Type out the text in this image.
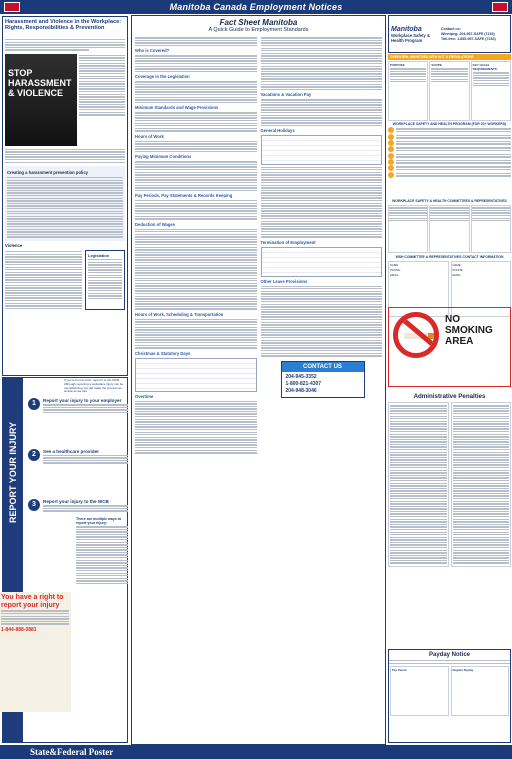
Manitoba Canada Employment Notices
Harassment and Violence in the Workplace: Rights, Responsibilities & Prevention
STOP HARASSMENT & VIOLENCE
Creating a harassment prevention policy
Violence
Legislation
REPORT YOUR INJURY
You have a right to report your injury
1-844-888-0881
If you're hurt at work, report it to the WCB. Although reporting a workplace injury can be overwhelming, we will make the process as simple as we can.
1	Report your injury to your employer
2	See a healthcare provider
3	Report your injury to the WCB
There are multiple ways to report your injury:
Fact Sheet Manitoba
A Quick Guide to Employment Standards
Who is Covered?
Coverage in the Legislation
Minimum Standards and Wage Provisions
Hours of Work
Paying Minimum Conditions
Pay Periods, Pay Statements & Records Keeping
Deduction of Wages
Hours of Work, Scheduling & Transportation
Christmas & Statutory Days
Overtime
Vacations & Vacation Pay
General Holidays
Termination of Employment
Other Leave Provisions
CONTACT US
204-945-3352
1-800-821-4307
204-948-3046
Manitoba
Workplace Safety & Health Program
Contact us:
Winnipeg: 204-957-SAFE (7233)
Toll-free: 1-855-957-SAFE (7233)
OVERVIEW: MANITOBA WSH ACT & REGULATIONS
PURPOSE	SCOPE	KEY LEGAL REQUIREMENTS
WORKPLACE SAFETY AND HEALTH PROGRAM (FOR 20+ WORKERS)
WORKPLACE SAFETY & HEALTH COMMITTEES & REPRESENTATIVES
WSH COMMITTEE & REPRESENTATIVES CONTACT INFORMATION
NAME:
PHONE:
EMAIL:
NAME:
PHONE:
EMAIL:
NO
SMOKING
AREA
Administrative Penalties
Payday Notice
Pay Period	Regular Payday
State&Federal Poster
